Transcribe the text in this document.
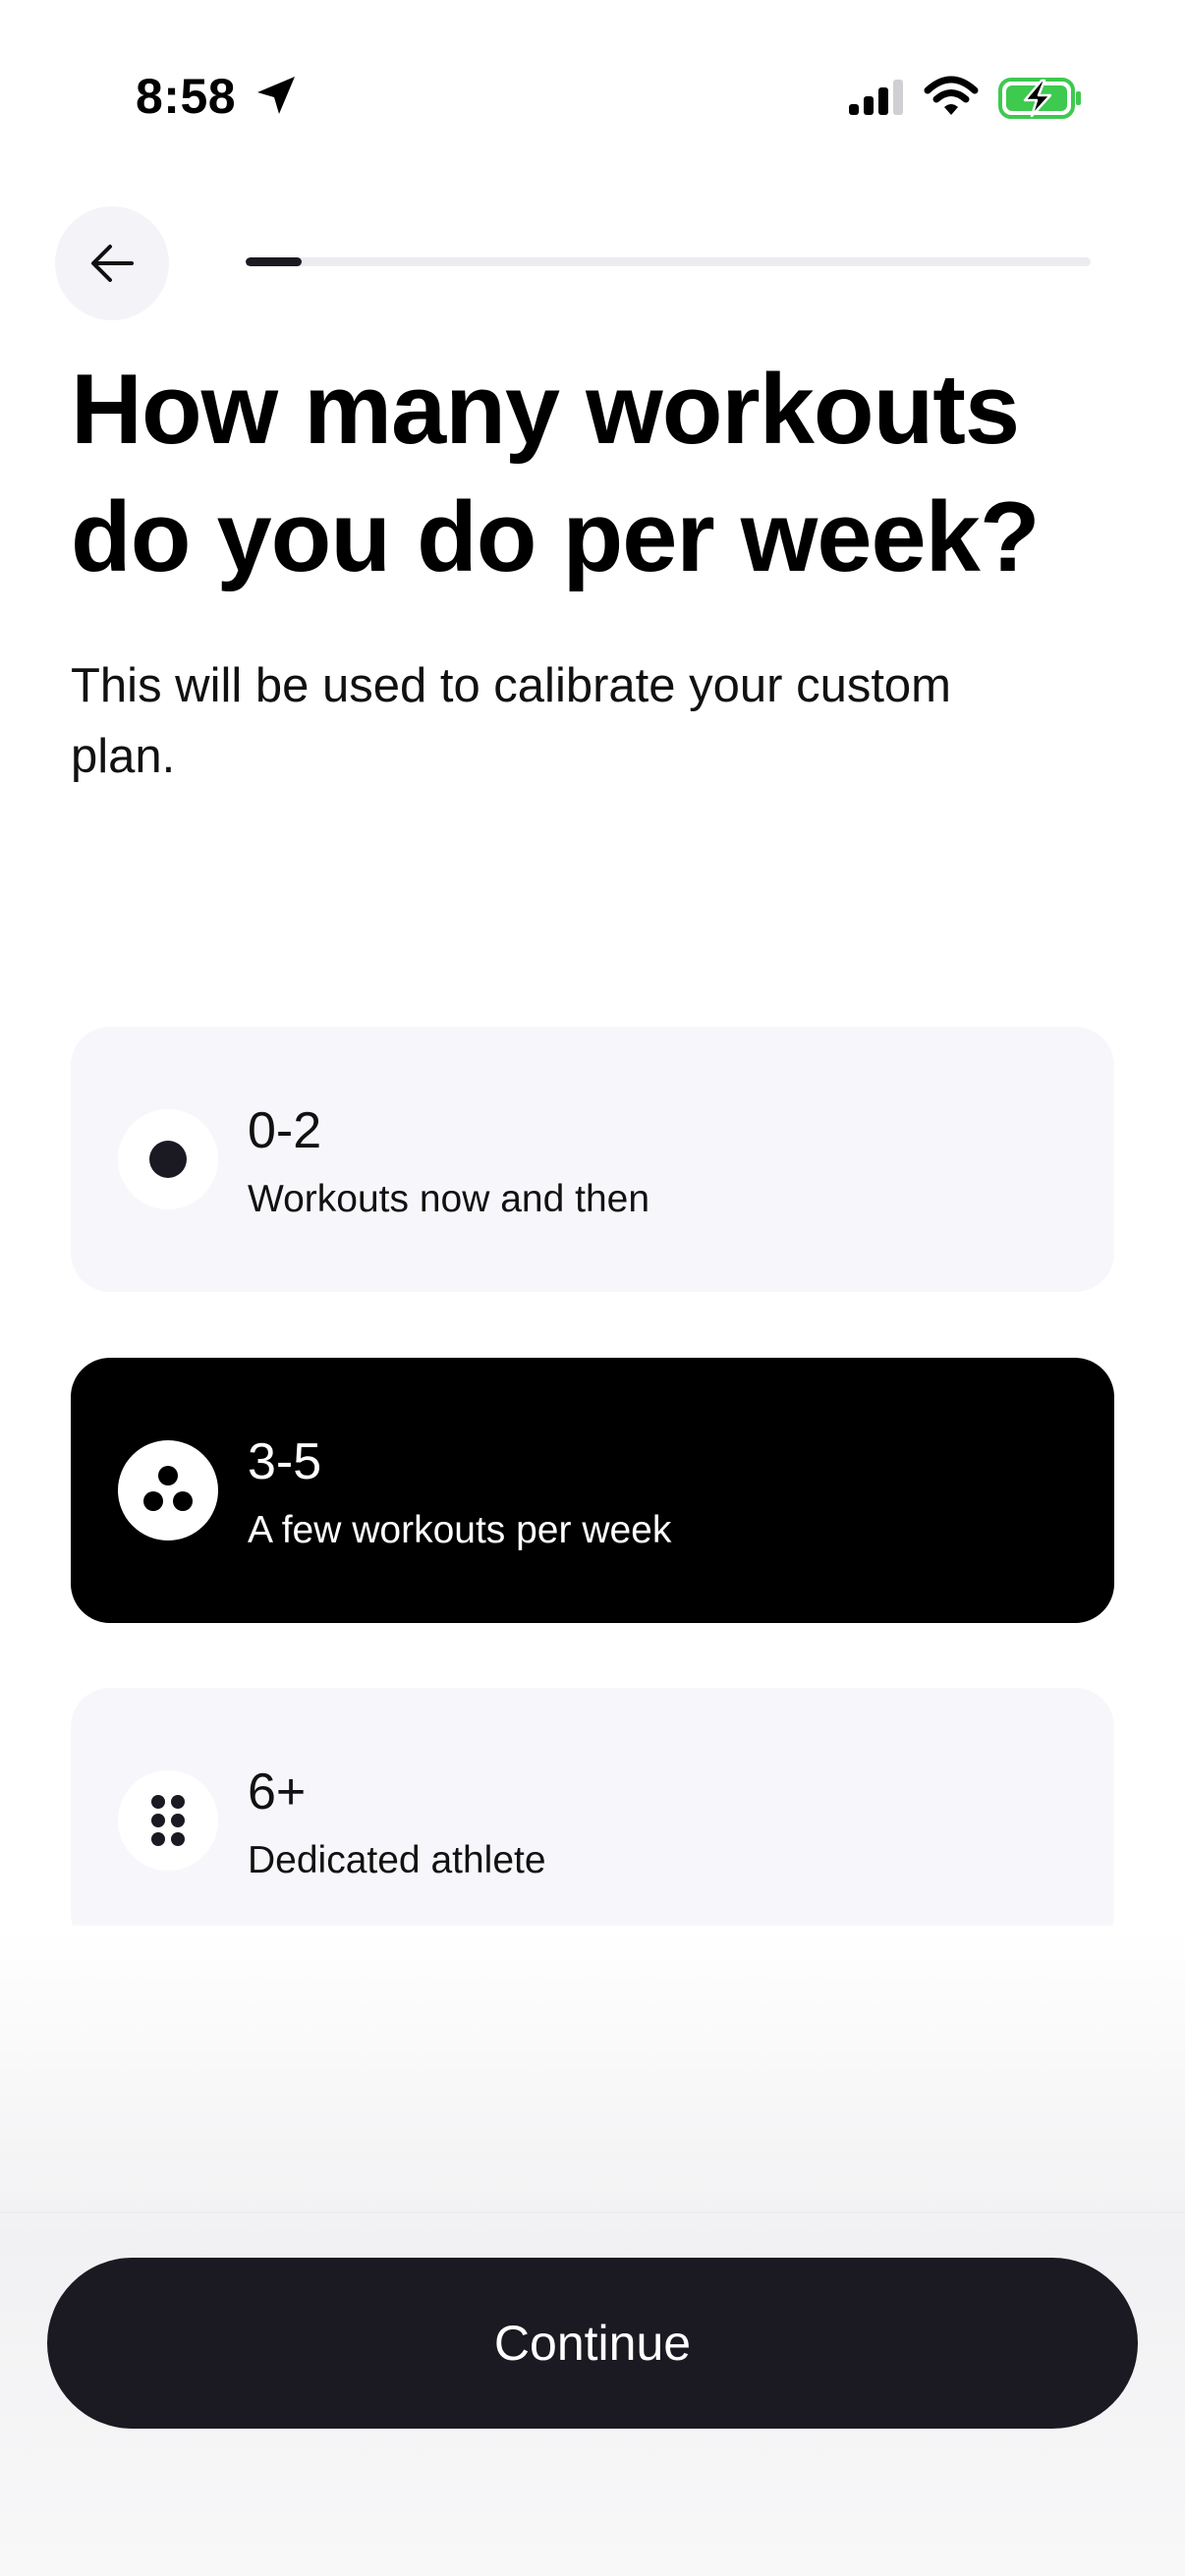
8:58
How many workouts do you do per week?

This will be used to calibrate your custom plan.

0-2
Workouts now and then
3-5
A few workouts per week
6+
Dedicated athlete
Continue
